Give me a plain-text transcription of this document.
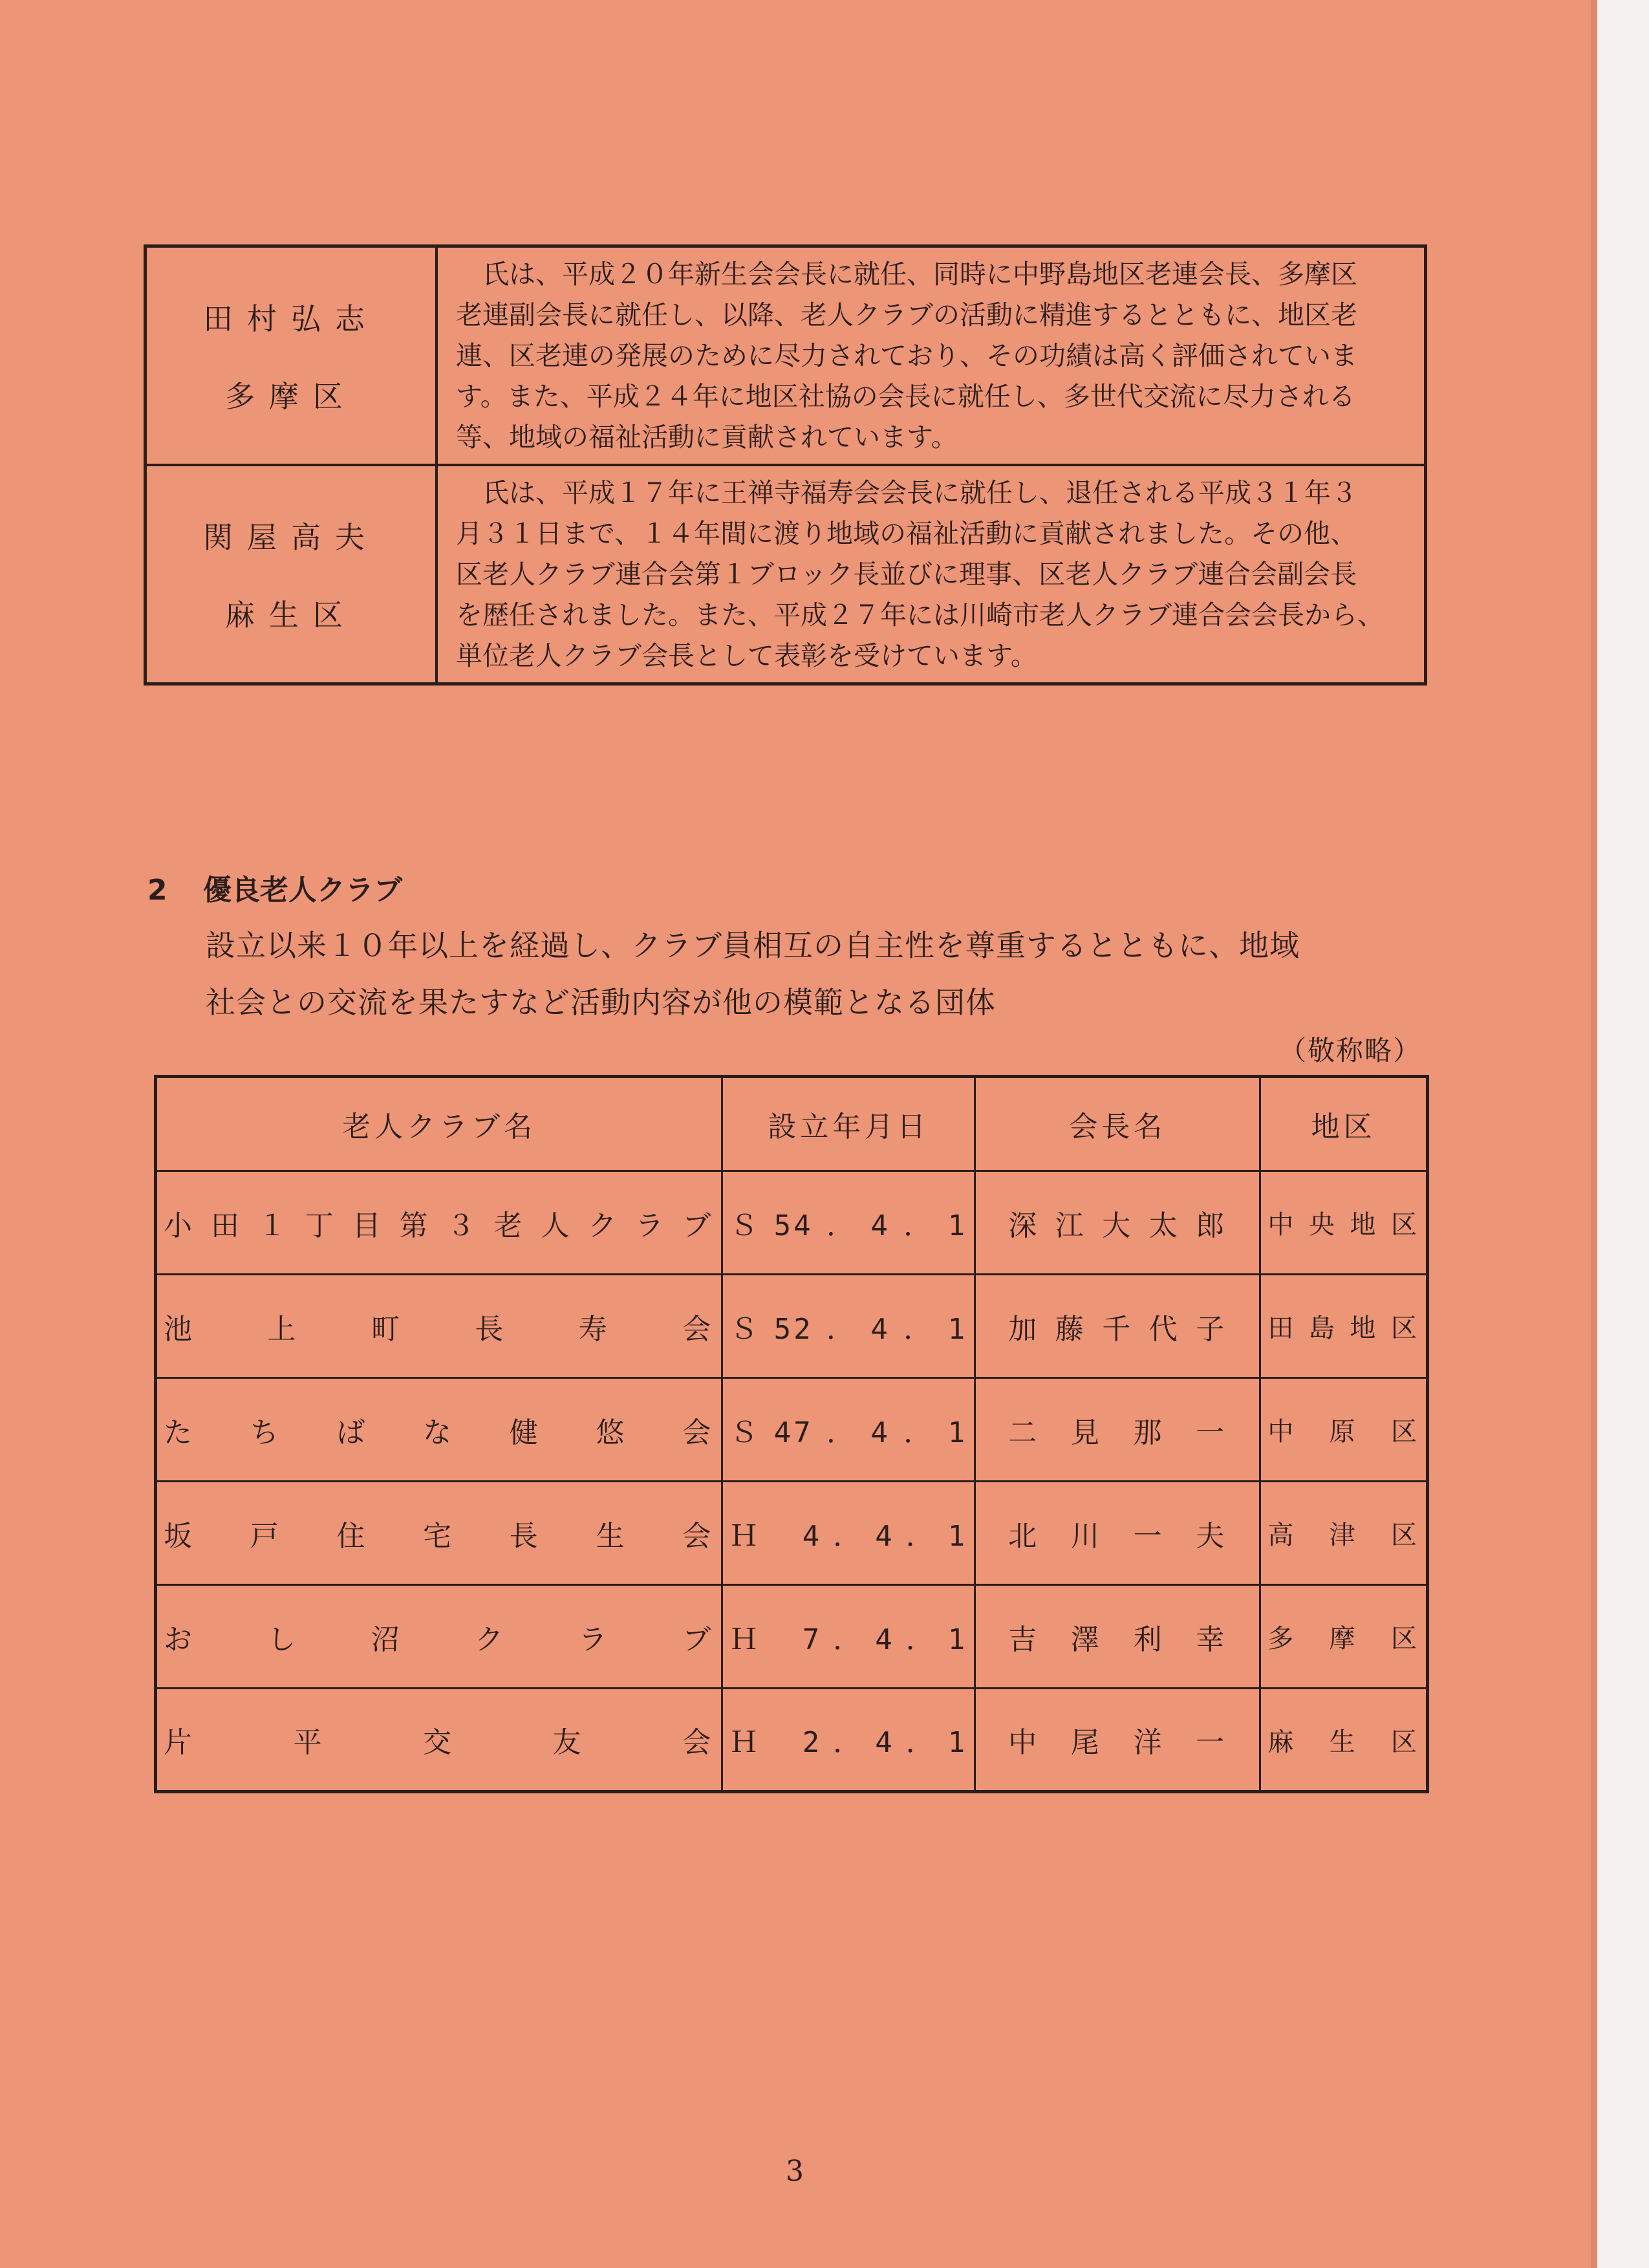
田村弘志
多摩区

氏は、平成２０年新生会会長に就任、同時に中野島地区老連会長、多摩区

老連副会長に就任し、以降、老人クラブの活動に精進するとともに、地区老
連、区老連の発展のために尽力されており、その功績は高く評価されていま
す。また、平成２４年に地区社協の会長に就任し、多世代交流に尽力される
等、地域の福祉活動に貢献されています。
関屋高夫
麻生区

氏は、平成１７年に王禅寺福寿会会長に就任し、退任される平成３１年３

月３１日まで、１４年間に渡り地域の福祉活動に貢献されました。その他、
区老人クラブ連合会第１ブロック長並びに理事、区老人クラブ連合会副会長
を歴任されました。また、平成２７年には川崎市老人クラブ連合会会長から、
単位老人クラブ会長として表彰を受けています。
2 優良老人クラブ
設立以来１０年以上を経過し、クラブ員相互の自主性を尊重するとともに、地域
社会との交流を果たすなど活動内容が他の模範となる団体
（敬称略）
老人クラブ名	設立年月日	会長名	地区
小田１丁目第３老人クラブ	Ｓ54．4．1	深江大太郎	中央地区
池上町長寿会	Ｓ52．4．1	加藤千代子	田島地区
たちばな健悠会	Ｓ47．4．1	二見那一	中原区
坂戸住宅長生会	Ｈ 4．4．1	北川一夫	高津区
おし沼クラブ	Ｈ 7．4．1	吉澤利幸	多摩区
片平交友会	Ｈ 2．4．1	中尾洋一	麻生区
3
